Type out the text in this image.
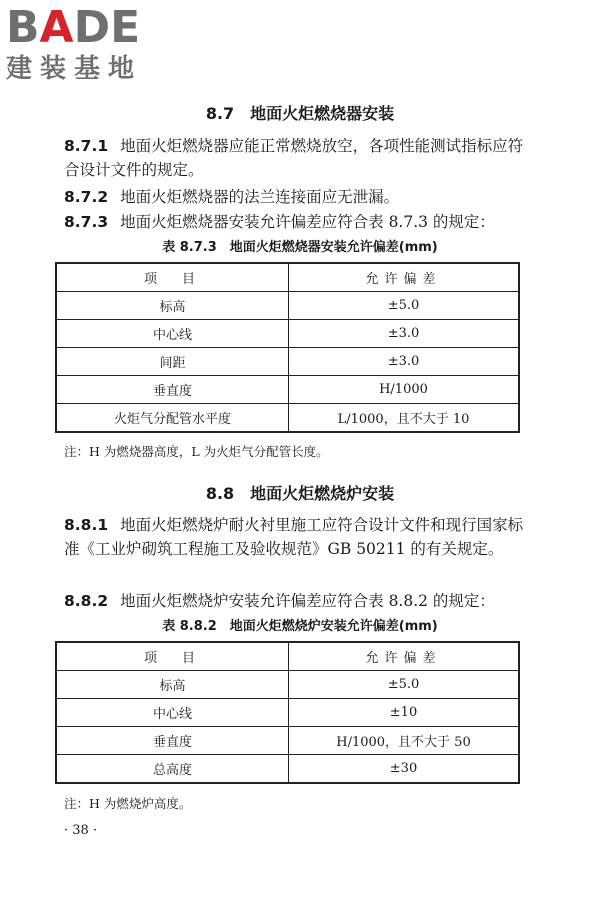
BADE
建装基地
8.7　地面火炬燃烧器安装
8.7.1 地面火炬燃烧器应能正常燃烧放空，各项性能测试指标应符合设计文件的规定。
8.7.2 地面火炬燃烧器的法兰连接面应无泄漏。
8.7.3 地面火炬燃烧器安装允许偏差应符合表 8.7.3 的规定：
表 8.7.3　地面火炬燃烧器安装允许偏差(mm)
项　目	允许偏差
标高	±5.0
中心线	±3.0
间距	±3.0
垂直度	H/1000
火炬气分配管水平度	L/1000，且不大于 10
注：H 为燃烧器高度，L 为火炬气分配管长度。
8.8　地面火炬燃烧炉安装
8.8.1 地面火炬燃烧炉耐火衬里施工应符合设计文件和现行国家标准《工业炉砌筑工程施工及验收规范》GB 50211 的有关规定。
8.8.2 地面火炬燃烧炉安装允许偏差应符合表 8.8.2 的规定：
表 8.8.2　地面火炬燃烧炉安装允许偏差(mm)
项　目	允许偏差
标高	±5.0
中心线	±10
垂直度	H/1000，且不大于 50
总高度	±30
注：H 为燃烧炉高度。
· 38 ·
